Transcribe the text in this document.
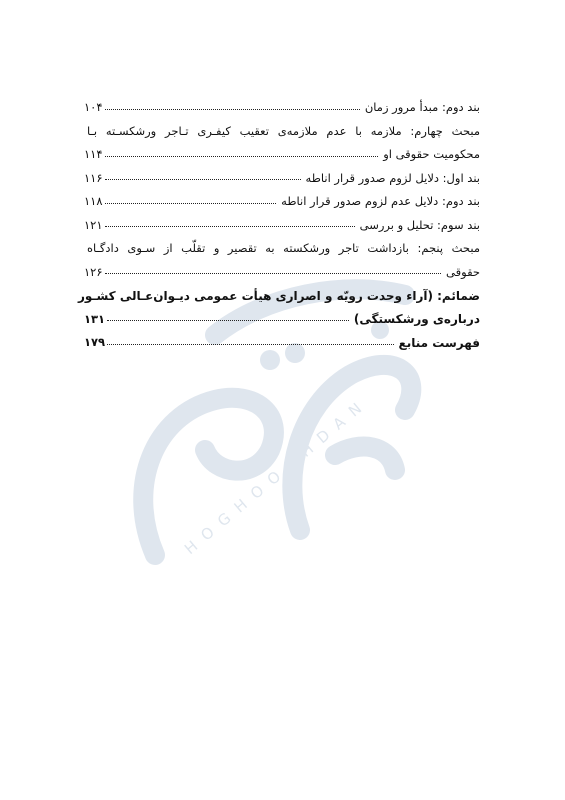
HOGHOOGHDAN
بند دوم: مبدأ مرور زمان
۱۰۴
مبحث چهارم: ملازمه با عدم ملازمه‌ی تعقیب کیفـری تـاجر ورشکسـته بـا
محکومیت حقوقی او
۱۱۴
بند اول: دلایل لزوم صدور قرار اناطه
۱۱۶
بند دوم: دلایل عدم لزوم صدور قرار اناطه
۱۱۸
بند سوم: تحلیل و بررسی
۱۲۱
مبحث پنجم: بازداشت تاجر ورشکسته به تقصیر و تقلّب از سـوی دادگـاه
حقوقی
۱۲۶
ضمائم: (آراء وحدت رویّه و اصراری هیأت عمومی دیـوان‌عـالی کشـور
درباره‌ی ورشکستگی)
۱۳۱
فهرست منابع
۱۷۹
